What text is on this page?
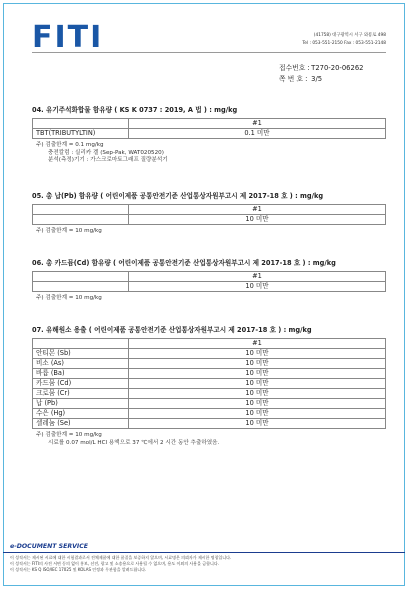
FITI	(41758) 대구광역시 서구 와룡로 498
Tel : 053-551-2150 Fax : 053-551-2148
접수번호 : T270-20-06262
쪽 번 호 : 3/5
04. 유기주석화합물 함유량 ( KS K 0737 : 2019, A 법 ) : mg/kg
	#1
TBT(TRIBUTYLTIN)	0.1 미만
주) 검출한계 = 0.1 mg/kg
충전칼럼 : 실리카 겔 (Sep-Pak, WAT020520)
분석(측정)기기 : 가스크로마토그래프 질량분석기
05. 총 납(Pb) 함유량 ( 어린이제품 공통안전기준 산업통상자원부고시 제 2017-18 호 ) : mg/kg
	#1
	10 미만
주) 검출한계 = 10 mg/kg
06. 총 카드뮴(Cd) 함유량 ( 어린이제품 공통안전기준 산업통상자원부고시 제 2017-18 호 ) : mg/kg
	#1
	10 미만
주) 검출한계 = 10 mg/kg
07. 유해원소 용출 ( 어린이제품 공통안전기준 산업통상자원부고시 제 2017-18 호 ) : mg/kg
	#1
안티몬 (Sb)	10 미만
비소 (As)	10 미만
바륨 (Ba)	10 미만
카드뮴 (Cd)	10 미만
크로뮴 (Cr)	10 미만
납 (Pb)	10 미만
수은 (Hg)	10 미만
셀레늄 (Se)	10 미만
주) 검출한계 = 10 mg/kg
시료를 0.07 mol/L HCl 용액으로 37 ℃에서 2 시간 동안 추출하였음.
e-DOCUMENT SERVICE
이 성적서는 제시된 시료에 대한 시험결과로서 전체제품에 대한 품질을 보증하지 않으며, 시료명은 의뢰자가 제시한 명칭입니다.
이 성적서는 FITI의 사전 서면 동의 없이 홍보, 선전, 광고 및 소송용으로 사용될 수 없으며, 용도 이외의 사용을 금합니다.
이 성적서는 KS Q ISO/IEC 17025 및 KOLAS 인정과 무관함을 알려드립니다.
